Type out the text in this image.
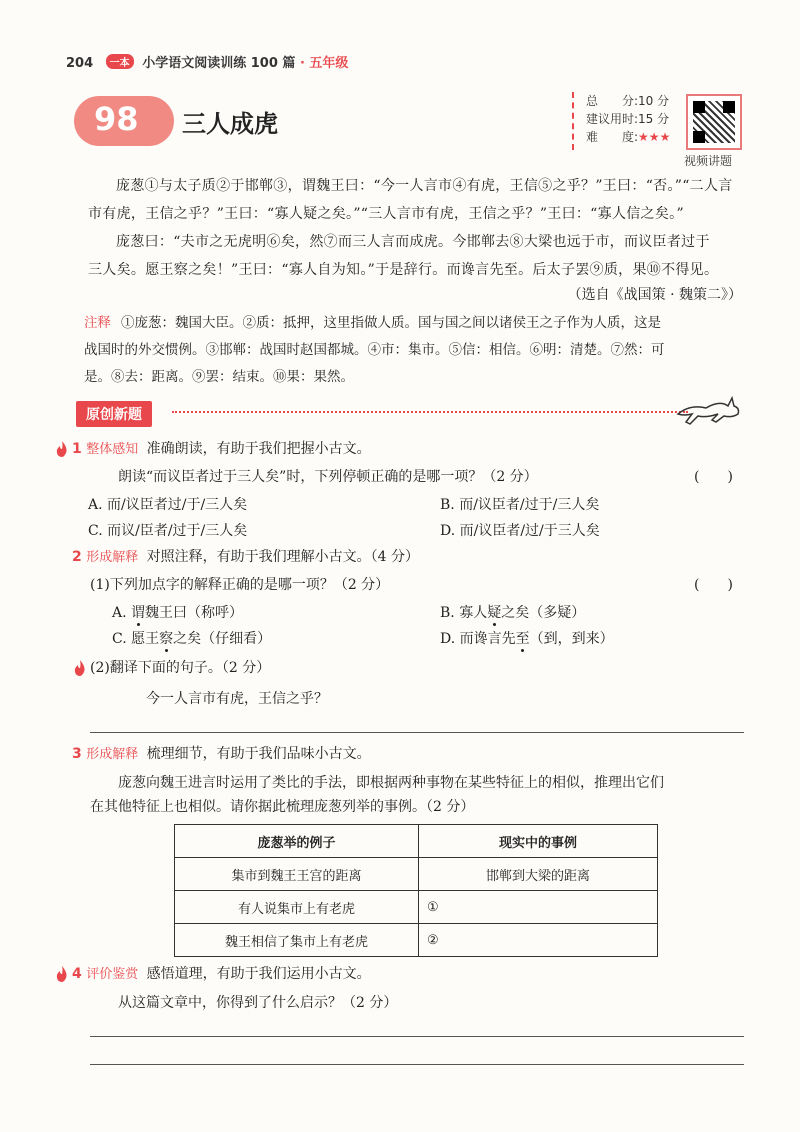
204 一本 小学语文阅读训练 100 篇 · 五年级
98 三人成虎
总　　分:10 分
建议用时:15 分
难　　度:★★★
视频讲题
庞葱①与太子质②于邯郸③，谓魏王曰：“今一人言市④有虎，王信⑤之乎？”王曰：“否。”“二人言
市有虎，王信之乎？”王曰：“寡人疑之矣。”“三人言市有虎，王信之乎？”王曰：“寡人信之矣。”
庞葱曰：“夫市之无虎明⑥矣，然⑦而三人言而成虎。今邯郸去⑧大梁也远于市，而议臣者过于
三人矣。愿王察之矣！”王曰：“寡人自为知。”于是辞行。而谗言先至。后太子罢⑨质，果⑩不得见。
（选自《战国策 · 魏策二》）
注释 ①庞葱：魏国大臣。②质：抵押，这里指做人质。国与国之间以诸侯王之子作为人质，这是
战国时的外交惯例。③邯郸：战国时赵国都城。④市：集市。⑤信：相信。⑥明：清楚。⑦然：可
是。⑧去：距离。⑨罢：结束。⑩果：果然。
原创新题
1 整体感知 准确朗读，有助于我们把握小古文。
朗读“而议臣者过于三人矣”时，下列停顿正确的是哪一项？（2 分）	(　　)
A. 而/议臣者过/于/三人矣	B. 而/议臣者/过于/三人矣
C. 而议/臣者/过于/三人矣	D. 而/议臣者/过/于三人矣
2 形成解释 对照注释，有助于我们理解小古文。（4 分）
(1)下列加点字的解释正确的是哪一项？（2 分）	(　　)
A. 谓魏王曰（称呼）	B. 寡人疑之矣（多疑）
C. 愿王察之矣（仔细看）	D. 而谗言先至（到，到来）
(2)翻译下面的句子。（2 分）
今一人言市有虎，王信之乎？
3 形成解释 梳理细节，有助于我们品味小古文。
庞葱向魏王进言时运用了类比的手法，即根据两种事物在某些特征上的相似，推理出它们
在其他特征上也相似。请你据此梳理庞葱列举的事例。（2 分）
庞葱举的例子	现实中的事例
集市到魏王王宫的距离	邯郸到大梁的距离
有人说集市上有老虎	①
魏王相信了集市上有老虎	②
4 评价鉴赏 感悟道理，有助于我们运用小古文。
从这篇文章中，你得到了什么启示？（2 分）
